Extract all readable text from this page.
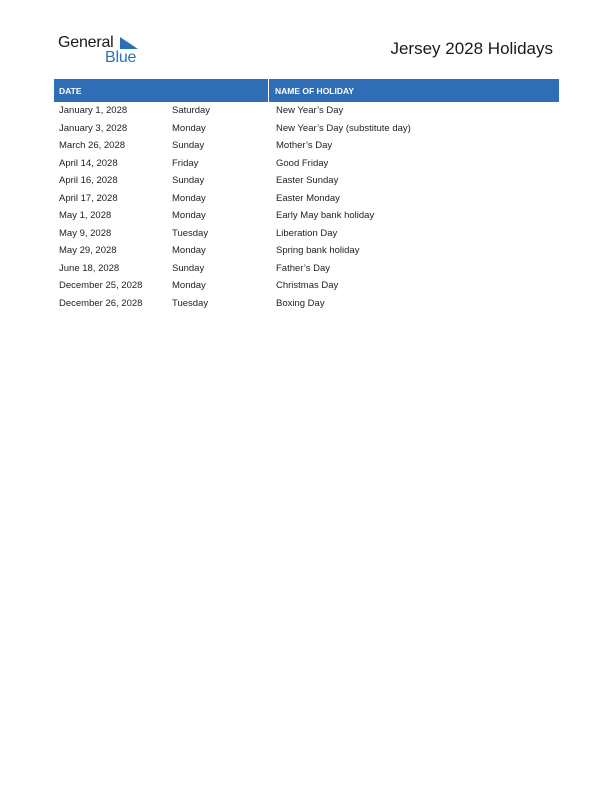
General
Blue	Jersey 2028 Holidays
DATE	NAME OF HOLIDAY
January 1, 2028	Saturday	New Year’s Day
January 3, 2028	Monday	New Year’s Day (substitute day)
March 26, 2028	Sunday	Mother’s Day
April 14, 2028	Friday	Good Friday
April 16, 2028	Sunday	Easter Sunday
April 17, 2028	Monday	Easter Monday
May 1, 2028	Monday	Early May bank holiday
May 9, 2028	Tuesday	Liberation Day
May 29, 2028	Monday	Spring bank holiday
June 18, 2028	Sunday	Father’s Day
December 25, 2028	Monday	Christmas Day
December 26, 2028	Tuesday	Boxing Day
